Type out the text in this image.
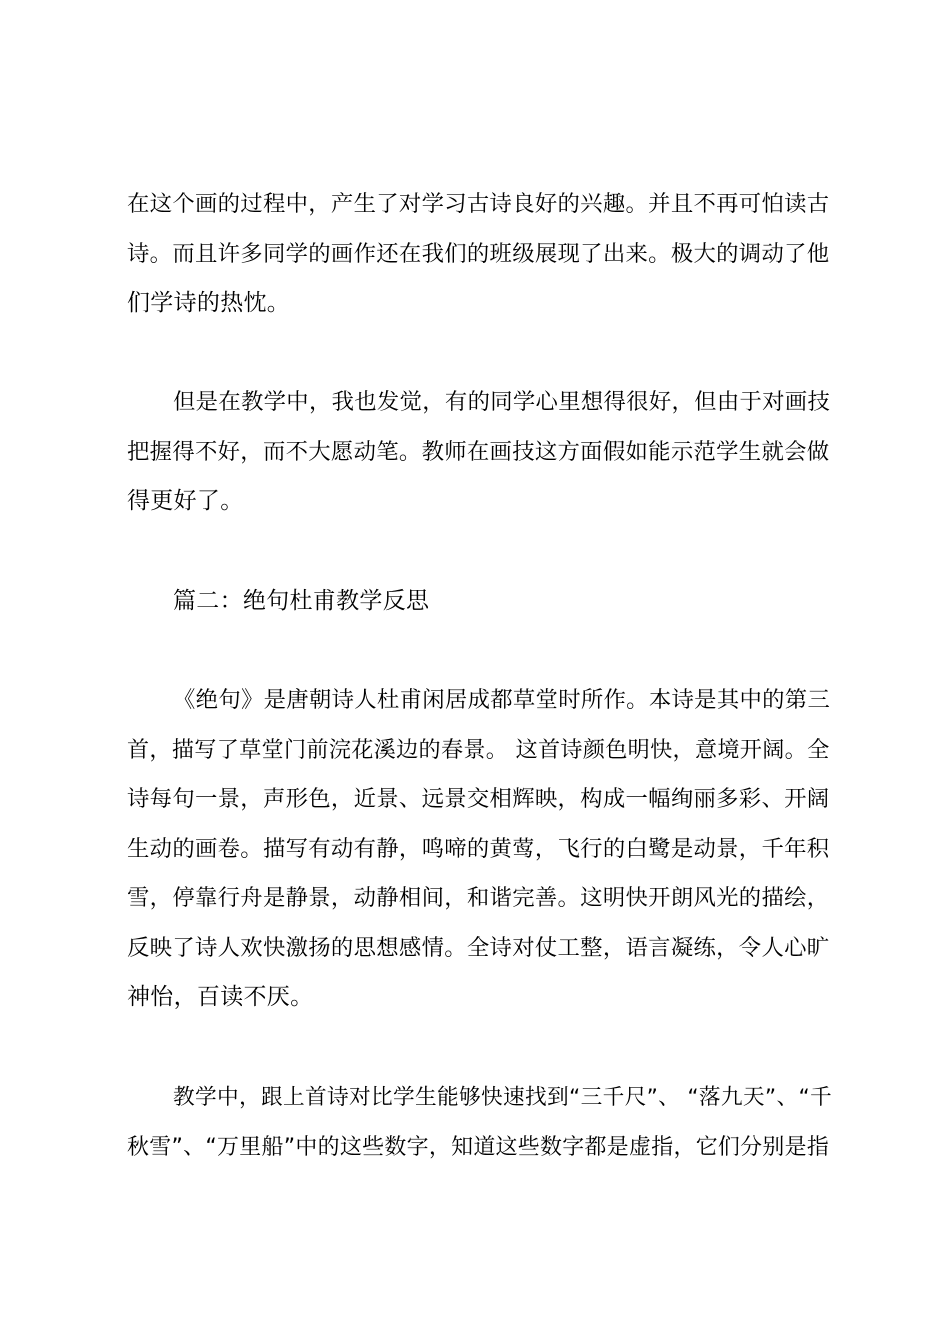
在这个画的过程中，产生了对学习古诗良好的兴趣。并且不再可怕读古
诗。而且许多同学的画作还在我们的班级展现了出来。极大的调动了他
们学诗的热忱。
但是在教学中，我也发觉，有的同学心里想得很好，但由于对画技
把握得不好，而不大愿动笔。教师在画技这方面假如能示范学生就会做
得更好了。
篇二：绝句杜甫教学反思
《绝句》是唐朝诗人杜甫闲居成都草堂时所作。本诗是其中的第三
首，描写了草堂门前浣花溪边的春景。 这首诗颜色明快，意境开阔。全
诗每句一景，声形色，近景、远景交相辉映，构成一幅绚丽多彩、开阔
生动的画卷。描写有动有静，鸣啼的黄莺，飞行的白鹭是动景，千年积
雪，停靠行舟是静景，动静相间，和谐完善。这明快开朗风光的描绘，
反映了诗人欢快激扬的思想感情。全诗对仗工整，语言凝练，令人心旷
神怡，百读不厌。
教学中，跟上首诗对比学生能够快速找到“三千尺”、 “落九天”、“千
秋雪”、“万里船”中的这些数字，知道这些数字都是虚指，它们分别是指
